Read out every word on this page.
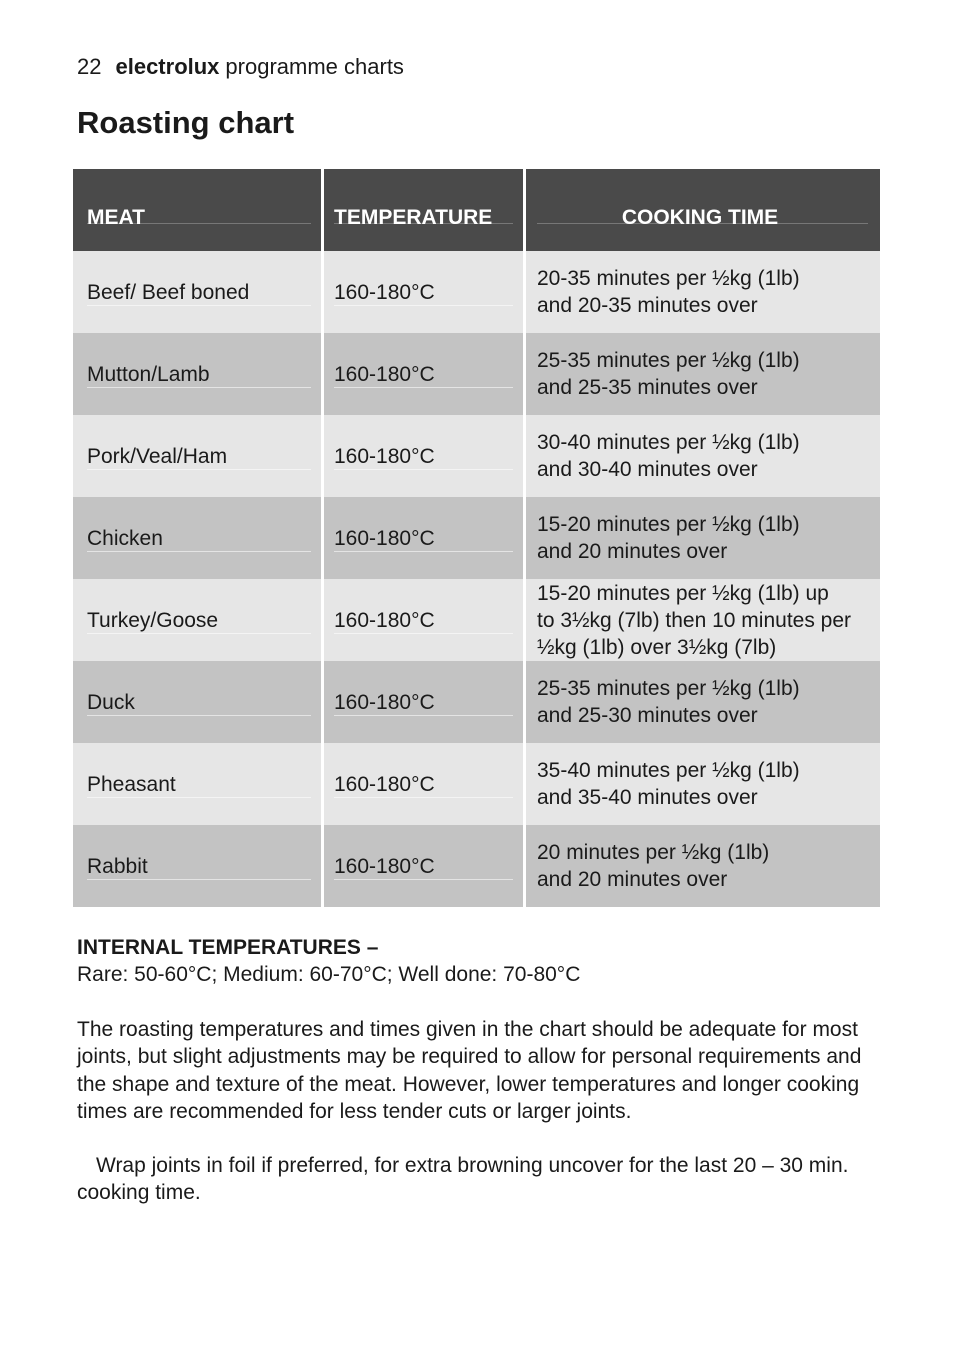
22 electrolux programme charts
Roasting chart
MEAT	TEMPERATURE	COOKING TIME
Beef/ Beef boned	160-180°C
20-35 minutes per ½kg (1lb)
and 20-35 minutes over
Mutton/Lamb	160-180°C
25-35 minutes per ½kg (1lb)
and 25-35 minutes over
Pork/Veal/Ham	160-180°C
30-40 minutes per ½kg (1lb)
and 30-40 minutes over
Chicken	160-180°C
15-20 minutes per ½kg (1lb)
and 20 minutes over
Turkey/Goose	160-180°C
15-20 minutes per ½kg (1lb) up
to 3½kg (7lb) then 10 minutes per
½kg (1lb) over 3½kg (7lb)
Duck	160-180°C
25-35 minutes per ½kg (1lb)
and 25-30 minutes over
Pheasant	160-180°C
35-40 minutes per ½kg (1lb)
and 35-40 minutes over
Rabbit	160-180°C
20 minutes per ½kg (1lb)
and 20 minutes over
INTERNAL TEMPERATURES –
Rare: 50-60°C; Medium: 60-70°C; Well done: 70-80°C

The roasting temperatures and times given in the chart should be adequate for most joints, but slight adjustments may be required to allow for personal requirements and the shape and texture of the meat. However, lower temperatures and longer cooking times are recommended for less tender cuts or larger joints.

Wrap joints in foil if preferred, for extra browning uncover for the last 20 – 30 min. cooking time.
